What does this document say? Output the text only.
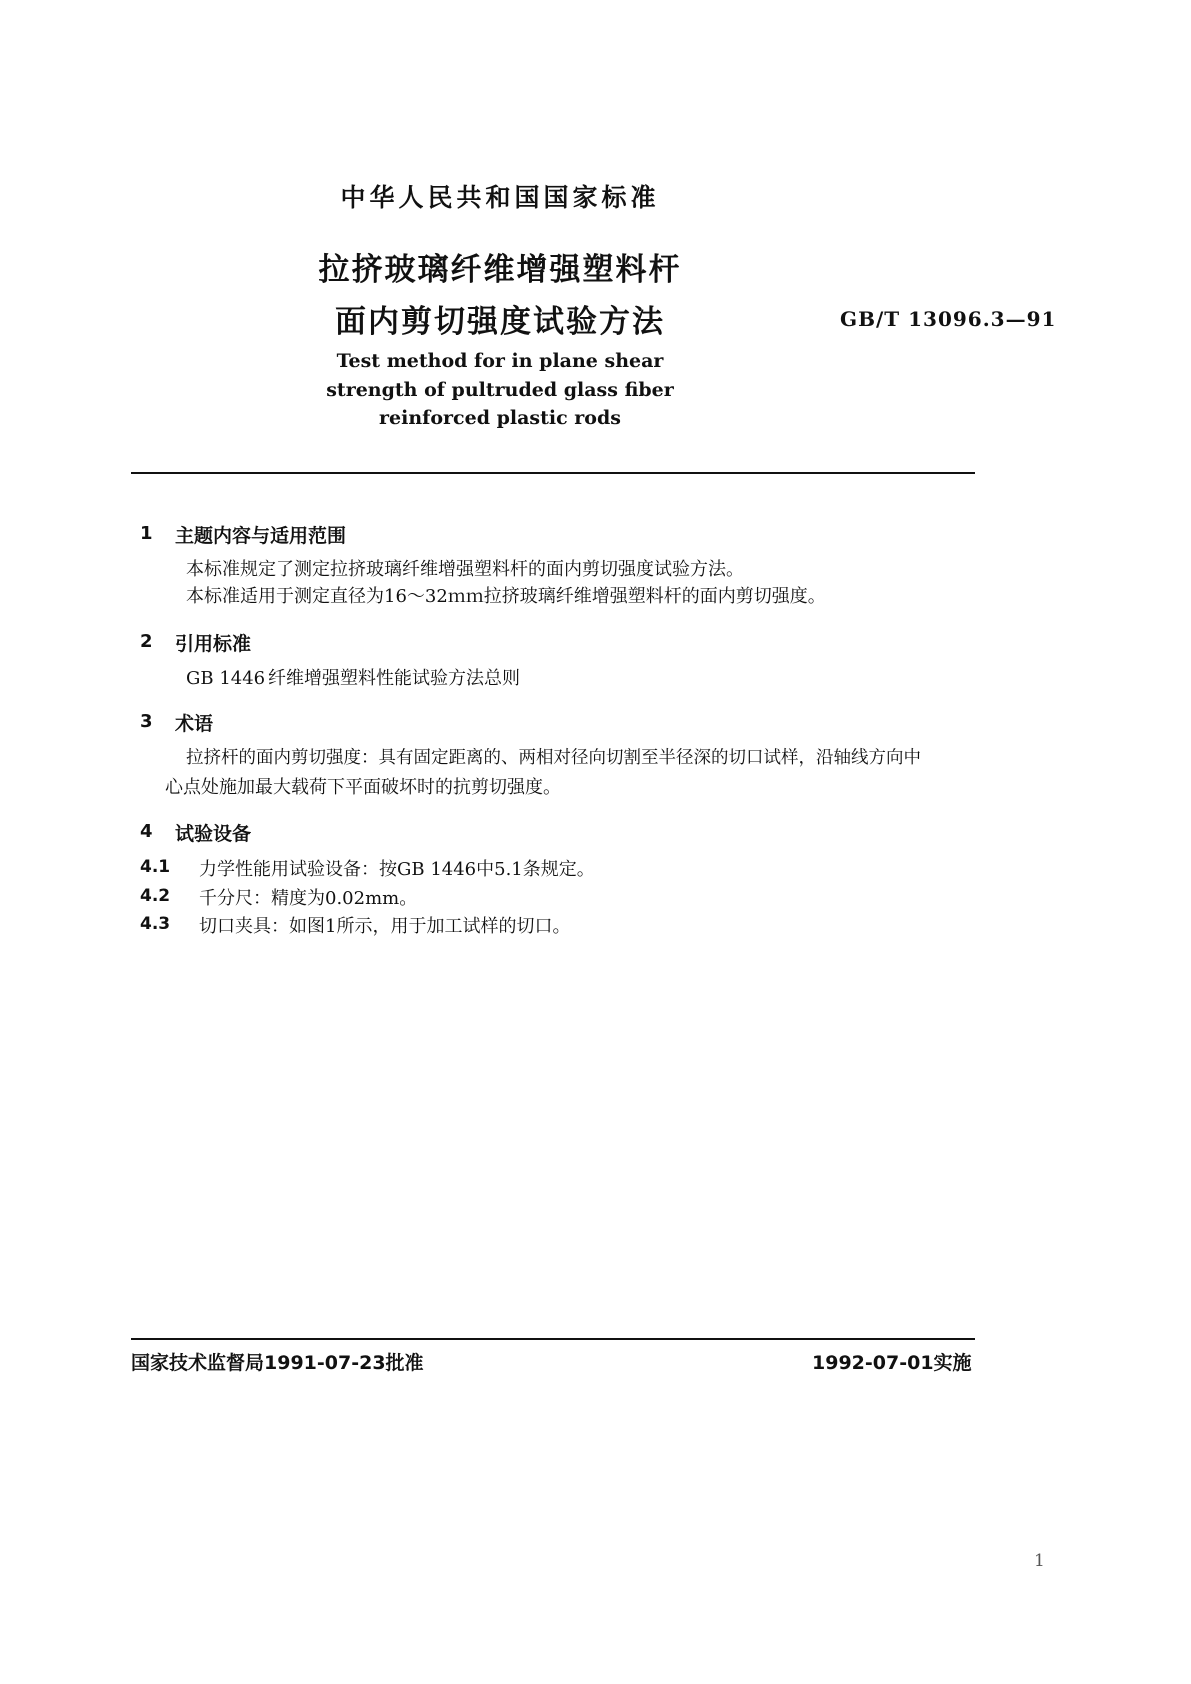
中华人民共和国国家标准
拉挤玻璃纤维增强塑料杆
面内剪切强度试验方法	GB/T 13096.3—91
Test method for in plane shear
strength of pultruded glass fiber
reinforced plastic rods
1 主题内容与适用范围
本标准规定了测定拉挤玻璃纤维增强塑料杆的面内剪切强度试验方法。
本标准适用于测定直径为16～32ｍｍ拉挤玻璃纤维增强塑料杆的面内剪切强度。
2 引用标准
GB 1446 纤维增强塑料性能试验方法总则
3 术语
拉挤杆的面内剪切强度：具有固定距离的、两相对径向切割至半径深的切口试样，沿轴线方向中
心点处施加最大载荷下平面破坏时的抗剪切强度。
4 试验设备
4.1 力学性能用试验设备：按GB 1446中5.1条规定。
4.2 千分尺：精度为0.02mm。
4.3 切口夹具：如图1所示，用于加工试样的切口。
国家技术监督局1991-07-23批准	1992-07-01实施
1
